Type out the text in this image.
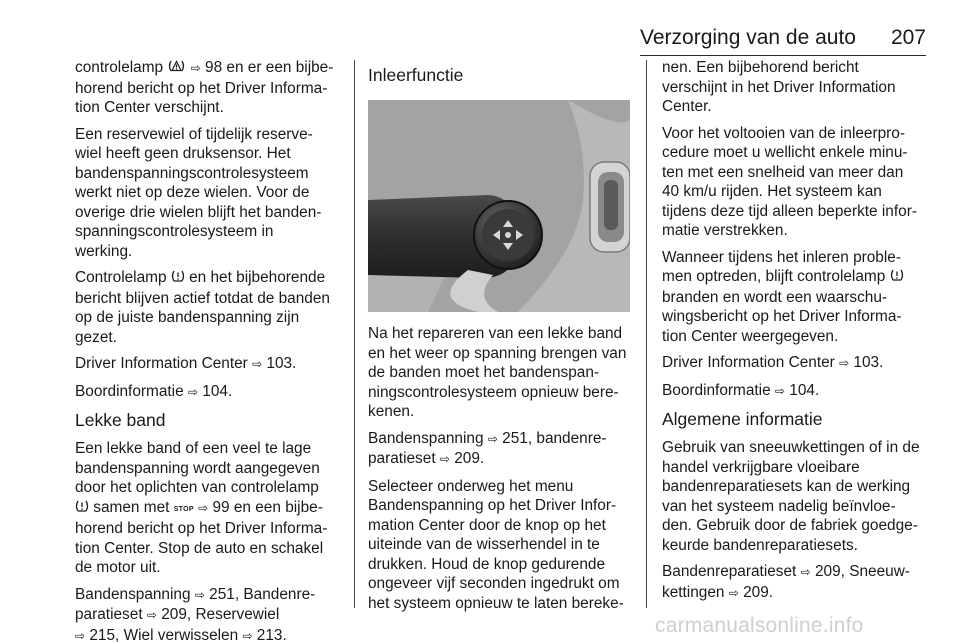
Verzorging van de auto 207

controlelamp  ⇨ 98 en er een bijbe-
horend bericht op het Driver Informa-
tion Center verschijnt.

Een reservewiel of tijdelijk reserve-
wiel heeft geen druksensor. Het
bandenspanningscontrolesysteem
werkt niet op deze wielen. Voor de
overige drie wielen blijft het banden-
spanningscontrolesysteem in
werking.

Controlelamp  en het bijbehorende
bericht blijven actief totdat de banden
op de juiste bandenspanning zijn
gezet.

Driver Information Center ⇨ 103.

Boordinformatie ⇨ 104.

Lekke band

Een lekke band of een veel te lage
bandenspanning wordt aangegeven
door het oplichten van controlelamp
samen met STOP ⇨ 99 en een bijbe-
horend bericht op het Driver Informa-
tion Center. Stop de auto en schakel
de motor uit.

Bandenspanning ⇨ 251, Bandenre-
paratieset ⇨ 209, Reservewiel
⇨ 215, Wiel verwisselen ⇨ 213.

Inleerfunctie

Na het repareren van een lekke band
en het weer op spanning brengen van
de banden moet het bandenspan-
ningscontrolesysteem opnieuw bere-
kenen.

Bandenspanning ⇨ 251, bandenre-
paratieset ⇨ 209.

Selecteer onderweg het menu
Bandenspanning op het Driver Infor-
mation Center door de knop op het
uiteinde van de wisserhendel in te
drukken. Houd de knop gedurende
ongeveer vijf seconden ingedrukt om
het systeem opnieuw te laten bereke-

nen. Een bijbehorend bericht
verschijnt in het Driver Information
Center.

Voor het voltooien van de inleerpro-
cedure moet u wellicht enkele minu-
ten met een snelheid van meer dan
40 km/u rijden. Het systeem kan
tijdens deze tijd alleen beperkte infor-
matie verstrekken.

Wanneer tijdens het inleren proble-
men optreden, blijft controlelamp
branden en wordt een waarschu-
wingsbericht op het Driver Informa-
tion Center weergegeven.

Driver Information Center ⇨ 103.

Boordinformatie ⇨ 104.

Algemene informatie

Gebruik van sneeuwkettingen of in de
handel verkrijgbare vloeibare
bandenreparatiesets kan de werking
van het systeem nadelig beïnvloe-
den. Gebruik door de fabriek goedge-
keurde bandenreparatiesets.

Bandenreparatieset ⇨ 209, Sneeuw-
kettingen ⇨ 209.

carmanualsonline.info
